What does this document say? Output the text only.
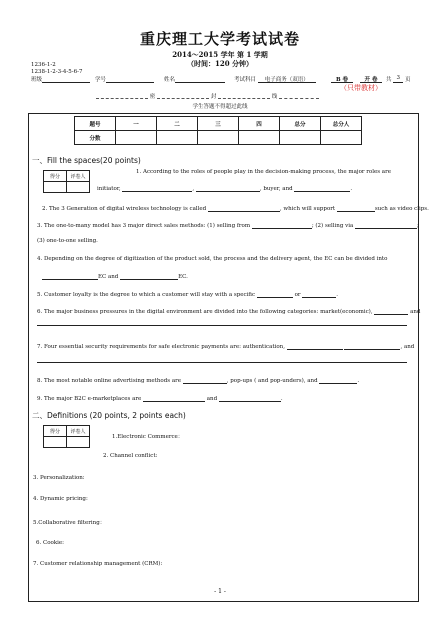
重庆理工大学考试试卷
2014～2015 学年 第 1 学期
（时间：120 分钟）
1236-1-2
1238-1-2-3-4-5-6-7
班级	学号	姓名	考试科目 电子商务（双语）	B 卷	开 卷	共 3 页
（只带教材）
密	封	线
学生答题不得超过此线
题号	一	二	三	四	总分	总分人
分数						
一、Fill the spaces(20 points)
得分	评卷人

1. According to the roles of people play in the decision-making process, the major roles are
initiator,	,	, buyer, and	.
2. The 3 Generation of digital wireless technology is called	, which will support	such as video clips.
3. The one-to-many model has 3 major direct sales methods: (1) selling from	; (2) selling via	;
(3) one-to-one selling.
4. Depending on the degree of digitization of the product sold, the process and the delivery agent, the EC can be divided into
EC and	EC.
5. Customer loyalty is the degree to which a customer will stay with a specific	or	.
6. The major business pressures in the digital environment are divided into the following categories: market(economic),	and
7. Four essential security requirements for safe electronic payments are: authentication,	, and
8. The most notable online advertising methods are	, pop-ups ( and pop-unders), and	.
9. The major B2C e-marketplaces are	and	.
二、Definitions (20 points, 2 points each)
得分	评卷人

1.Electronic Commerce：
2. Channel conflict:
3. Personalization:
4. Dynamic pricing:
5.Collaborative filtering：
6. Cookie:
7. Customer relationship management (CRM):
- 1 -
